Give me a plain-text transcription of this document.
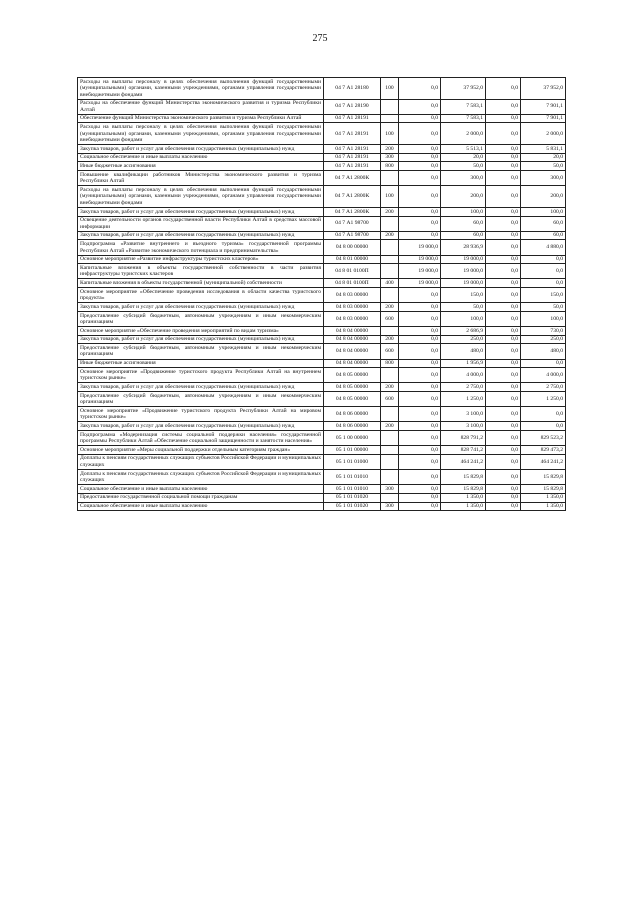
275
Расходы на выплаты персоналу в целях обеспечения выполнения функций государственными (муниципальными) органами, казенными учреждениями, органами управления государственными внебюджетными фондами	04 7 А1 28180	100	0,0	37 952,0	0,0	37 952,0
Расходы на обеспечение функций Министерства экономического развития и туризма Республики Алтай	04 7 А1 28190		0,0	7 583,1	0,0	7 901,1
Обеспечение функций Министерства экономического развития и туризма Республики Алтай	04 7 А1 28191		0,0	7 583,1	0,0	7 901,1
Расходы на выплаты персоналу в целях обеспечения выполнения функций государственными (муниципальными) органами, казенными учреждениями, органами управления государственными внебюджетными фондами	04 7 А1 28191	100	0,0	2 000,0	0,0	2 000,0
Закупка товаров, работ и услуг для обеспечения государственных (муниципальных) нужд	04 7 А1 28191	200	0,0	5 513,1	0,0	5 831,1
Социальное обеспечение и иные выплаты населению	04 7 А1 28191	300	0,0	20,0	0,0	20,0
Иные бюджетные ассигнования	04 7 А1 28191	800	0,0	50,0	0,0	50,0
Повышение квалификации работников Министерства экономического развития и туризма Республики Алтай	04 7 А1 2800К		0,0	300,0	0,0	300,0
Расходы на выплаты персоналу в целях обеспечения выполнения функций государственными (муниципальными) органами, казенными учреждениями, органами управления государственными внебюджетными фондами	04 7 А1 2800К	100	0,0	200,0	0,0	200,0
Закупка товаров, работ и услуг для обеспечения государственных (муниципальных) нужд	04 7 А1 2800К	200	0,0	100,0	0,0	100,0
Освещение деятельности органов государственной власти Республики Алтай в средствах массовой информации	04 7 А1 98700		0,0	60,0	0,0	60,0
Закупка товаров, работ и услуг для обеспечения государственных (муниципальных) нужд	04 7 А1 98700	200	0,0	60,0	0,0	60,0
Подпрограмма «Развитие внутреннего и въездного туризма» государственной программы Республики Алтай «Развитие экономического потенциала и предпринимательства»	04 8 00 00000		19 000,0	28 936,9	0,0	4 880,0
Основное мероприятие «Развитие инфраструктуры туристских кластеров»	04 8 01 00000		19 000,0	19 000,0	0,0	0,0
Капитальные вложения в объекты государственной собственности в части развития инфраструктуры туристских кластеров	04 8 01 0100П		19 000,0	19 000,0	0,0	0,0
Капитальные вложения в объекты государственной (муниципальной) собственности	04 8 01 0100П	400	19 000,0	19 000,0	0,0	0,0
Основное мероприятие «Обеспечение проведения исследования в области качества туристского продукта»	04 8 03 00000		0,0	150,0	0,0	150,0
Закупка товаров, работ и услуг для обеспечения государственных (муниципальных) нужд	04 8 03 00000	200	0,0	50,0	0,0	50,0
Предоставление субсидий бюджетным, автономным учреждениям и иным некоммерческим организациям	04 8 03 00000	600	0,0	100,0	0,0	100,0
Основное мероприятие «Обеспечение проведения мероприятий по видам туризма»	04 8 04 00000		0,0	2 686,9	0,0	730,0
Закупка товаров, работ и услуг для обеспечения государственных (муниципальных) нужд	04 8 04 00000	200	0,0	250,0	0,0	250,0
Предоставление субсидий бюджетным, автономным учреждениям и иным некоммерческим организациям	04 8 04 00000	600	0,0	480,0	0,0	480,0
Иные бюджетные ассигнования	04 8 04 00000	800	0,0	1 956,9	0,0	0,0
Основное мероприятие «Продвижение туристского продукта Республики Алтай на внутреннем туристском рынке»	04 8 05 00000		0,0	4 000,0	0,0	4 000,0
Закупка товаров, работ и услуг для обеспечения государственных (муниципальных) нужд	04 8 05 00000	200	0,0	2 750,0	0,0	2 750,0
Предоставление субсидий бюджетным, автономным учреждениям и иным некоммерческим организациям	04 8 05 00000	600	0,0	1 250,0	0,0	1 250,0
Основное мероприятие «Продвижение туристского продукта Республики Алтай на мировом туристском рынке»	04 8 06 00000		0,0	3 100,0	0,0	0,0
Закупка товаров, работ и услуг для обеспечения государственных (муниципальных) нужд	04 8 06 00000	200	0,0	3 100,0	0,0	0,0
Подпрограмма «Модернизация системы социальной поддержки населения» государственной программы Республики Алтай «Обеспечение социальной защищенности и занятости населения»	05 1 00 00000		0,0	828 791,2	0,0	829 523,2
Основное мероприятие «Меры социальной поддержки отдельным категориям граждан»	05 1 01 00000		0,0	828 741,2	0,0	829 473,2
Доплаты к пенсиям государственных служащих субъектов Российской Федерации и муниципальных служащих	05 1 01 01000		0,0	464 241,2	0,0	464 241,2
Доплаты к пенсиям государственных служащих субъектов Российской Федерации и муниципальных служащих	05 1 01 01010		0,0	15 829,8	0,0	15 829,8
Социальное обеспечение и иные выплаты населению	05 1 01 01010	300	0,0	15 829,8	0,0	15 829,8
Предоставление государственной социальной помощи гражданам	05 1 01 01020		0,0	1 350,0	0,0	1 350,0
Социальное обеспечение и иные выплаты населению	05 1 01 01020	300	0,0	1 350,0	0,0	1 350,0
